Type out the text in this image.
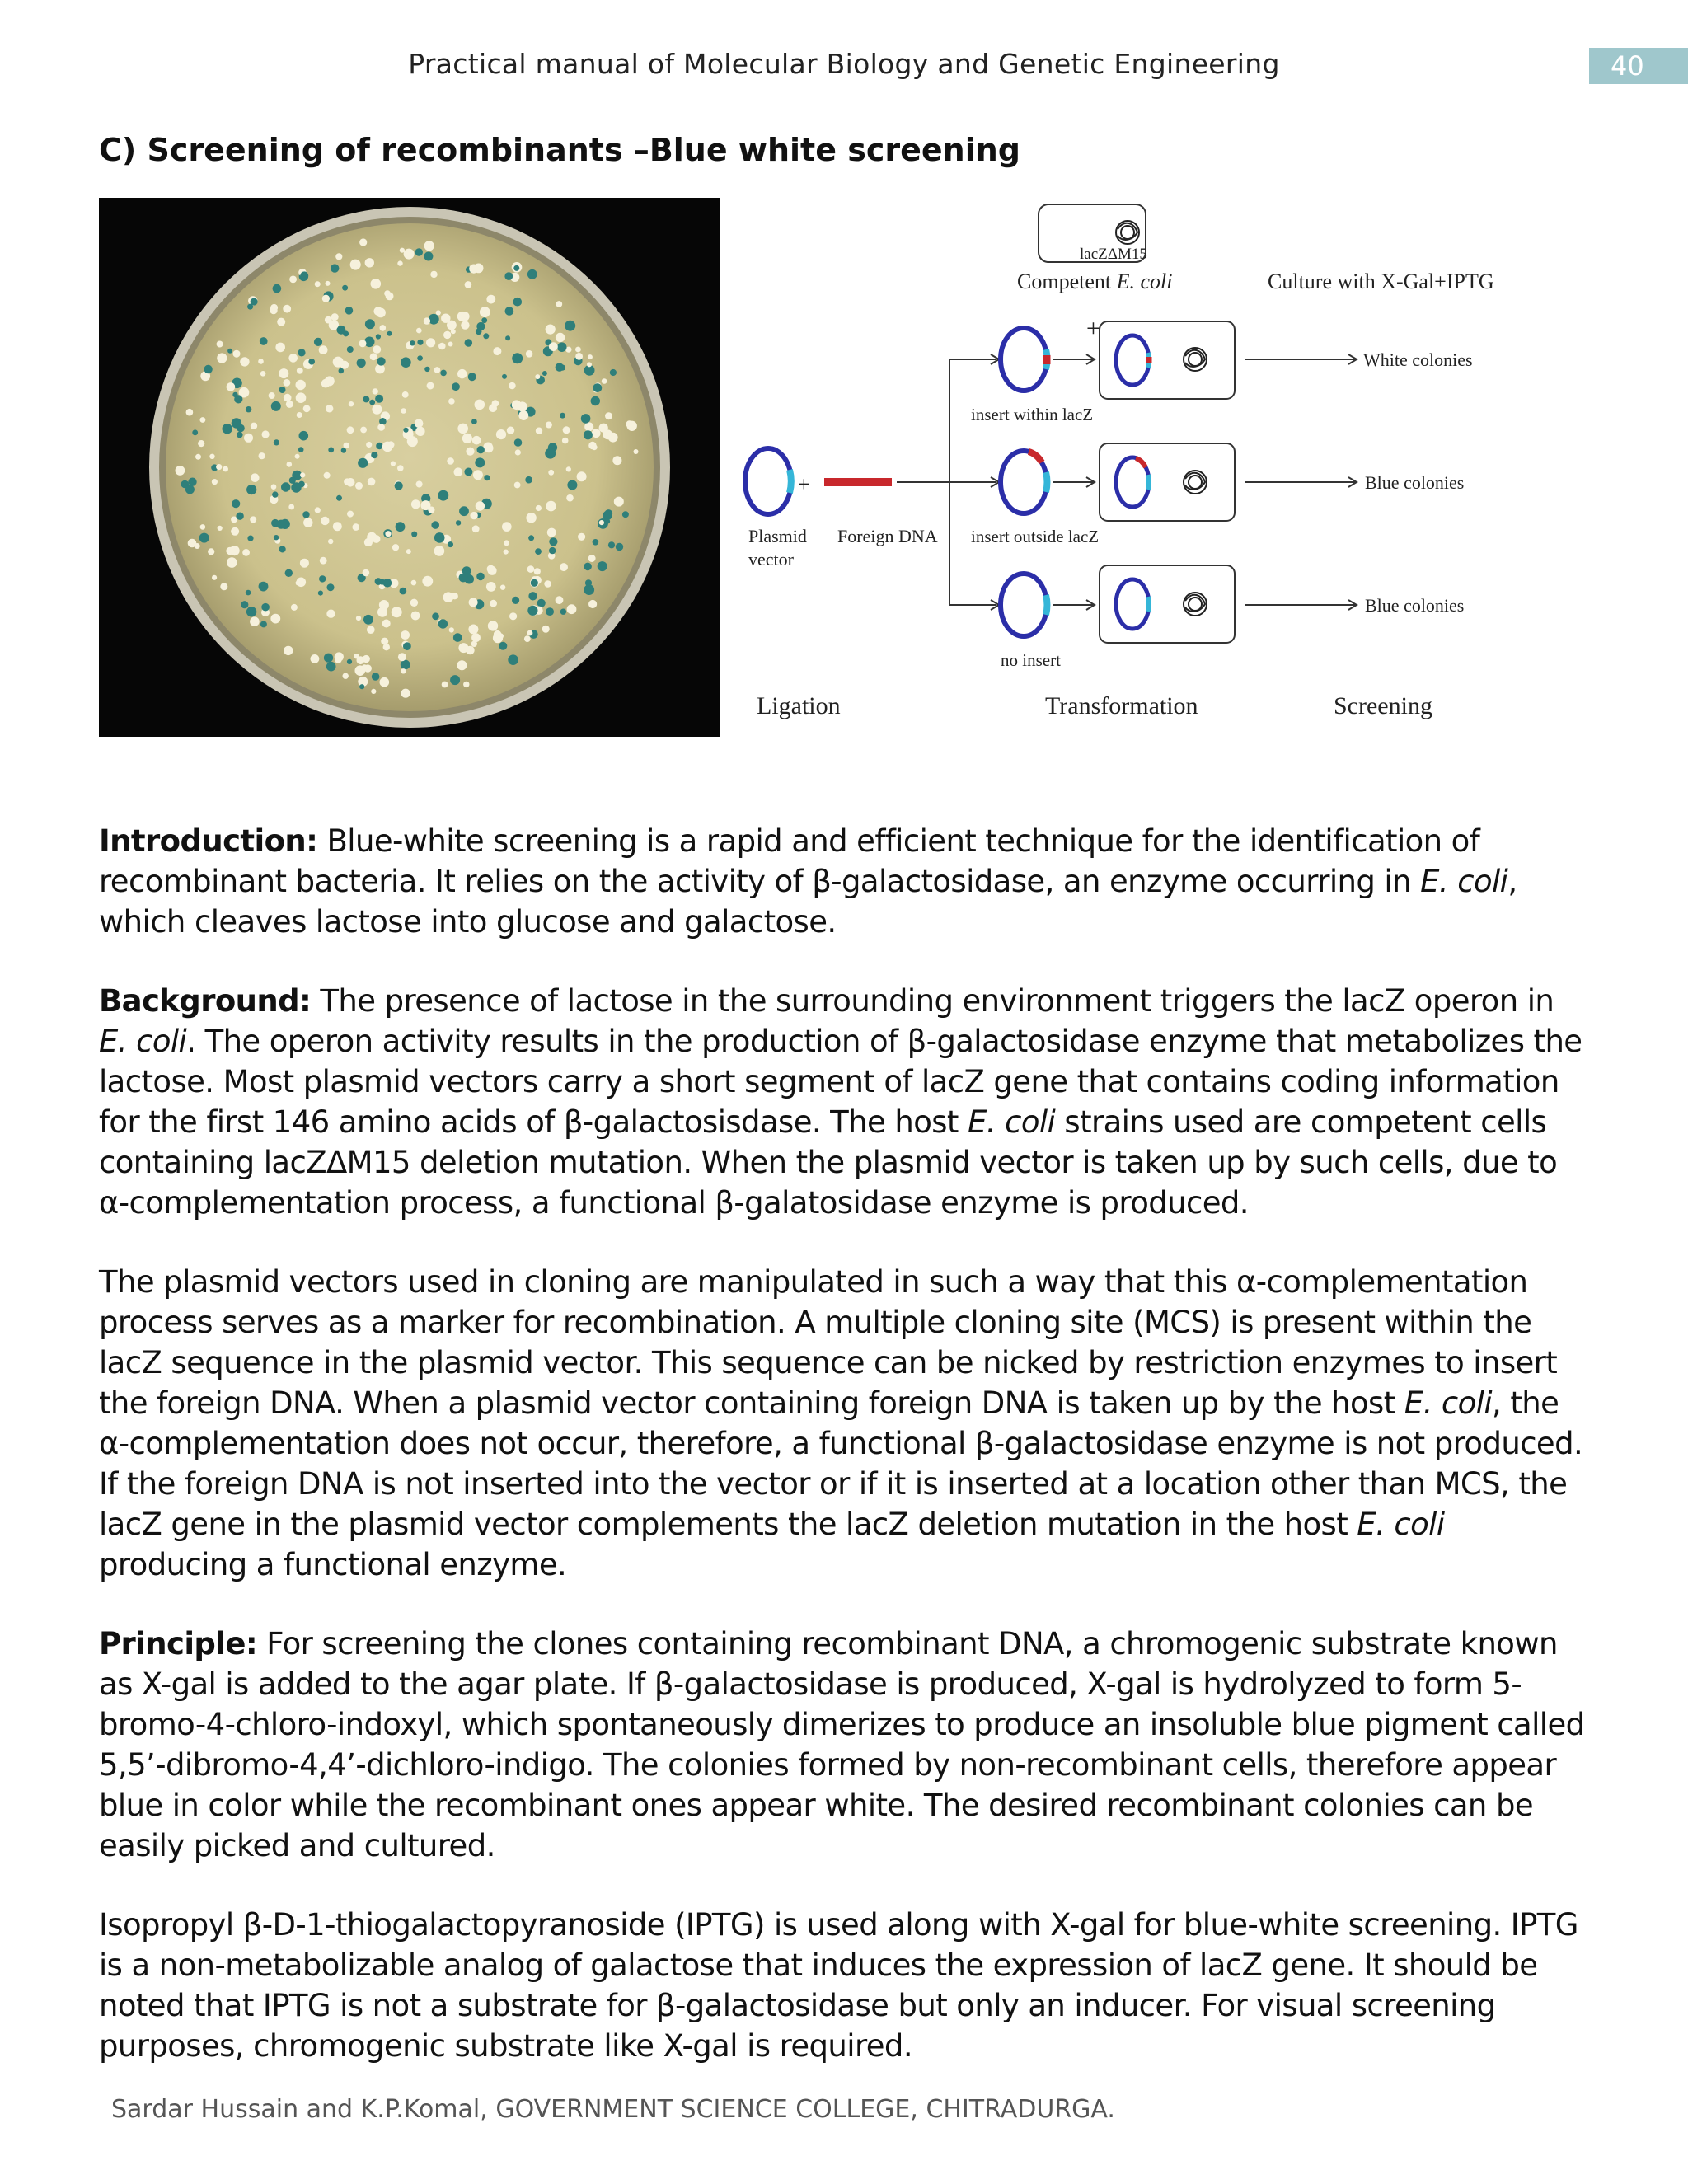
Practical manual of Molecular Biology and Genetic Engineering	40
C) Screening of recombinants –Blue white screening
lacZΔM15
Competent E. coli	Culture with X-Gal+IPTG
+
+
Plasmid
vector
Foreign DNA
insert within lacZ
White colonies
insert outside lacZ
Blue colonies
no insert
Blue colonies
Ligation	Transformation	Screening

Introduction: Blue-white screening is a rapid and efficient technique for the identification of recombinant bacteria. It relies on the activity of β-galactosidase, an enzyme occurring in E. coli, which cleaves lactose into glucose and galactose.

Background: The presence of lactose in the surrounding environment triggers the lacZ operon in E. coli. The operon activity results in the production of β-galactosidase enzyme that metabolizes the lactose. Most plasmid vectors carry a short segment of lacZ gene that contains coding information for the first 146 amino acids of β-galactosisdase. The host E. coli strains used are competent cells containing lacZΔM15 deletion mutation. When the plasmid vector is taken up by such cells, due to α-complementation process, a functional β-galatosidase enzyme is produced.

The plasmid vectors used in cloning are manipulated in such a way that this α-complementation process serves as a marker for recombination. A multiple cloning site (MCS) is present within the lacZ sequence in the plasmid vector. This sequence can be nicked by restriction enzymes to insert the foreign DNA. When a plasmid vector containing foreign DNA is taken up by the host E. coli, the α-complementation does not occur, therefore, a functional β-galactosidase enzyme is not produced. If the foreign DNA is not inserted into the vector or if it is inserted at a location other than MCS, the lacZ gene in the plasmid vector complements the lacZ deletion mutation in the host E. coli producing a functional enzyme.

Principle: For screening the clones containing recombinant DNA, a chromogenic substrate known as X-gal is added to the agar plate. If β-galactosidase is produced, X-gal is hydrolyzed to form 5-bromo-4-chloro-indoxyl, which spontaneously dimerizes to produce an insoluble blue pigment called 5,5’-dibromo-4,4’-dichloro-indigo. The colonies formed by non-recombinant cells, therefore appear blue in color while the recombinant ones appear white. The desired recombinant colonies can be easily picked and cultured.

Isopropyl β-D-1-thiogalactopyranoside (IPTG) is used along with X-gal for blue-white screening. IPTG is a non-metabolizable analog of galactose that induces the expression of lacZ gene. It should be noted that IPTG is not a substrate for β-galactosidase but only an inducer. For visual screening purposes, chromogenic substrate like X-gal is required.

Sardar Hussain and K.P.Komal, GOVERNMENT SCIENCE COLLEGE, CHITRADURGA.
